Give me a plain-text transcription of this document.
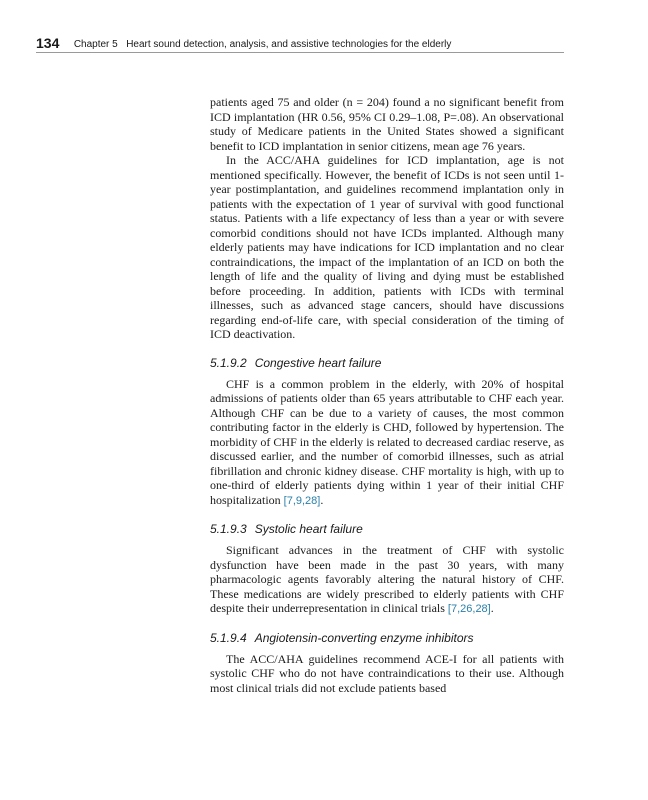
134 Chapter 5 Heart sound detection, analysis, and assistive technologies for the elderly

patients aged 75 and older (n = 204) found a no significant benefit from ICD implantation (HR 0.56, 95% CI 0.29–1.08, P=.08). An observational study of Medicare patients in the United States showed a significant benefit to ICD implantation in senior citizens, mean age 76 years.

In the ACC/AHA guidelines for ICD implantation, age is not mentioned specifically. However, the benefit of ICDs is not seen until 1-year postimplantation, and guidelines recommend implantation only in patients with the expectation of 1 year of survival with good functional status. Patients with a life expectancy of less than a year or with severe comorbid conditions should not have ICDs implanted. Although many elderly patients may have indications for ICD implantation and no clear contraindications, the impact of the implantation of an ICD on both the length of life and the quality of living and dying must be established before proceeding. In addition, patients with ICDs with terminal illnesses, such as advanced stage cancers, should have discussions regarding end-of-life care, with special consideration of the timing of ICD deactivation.

5.1.9.2 Congestive heart failure

CHF is a common problem in the elderly, with 20% of hospital admissions of patients older than 65 years attributable to CHF each year. Although CHF can be due to a variety of causes, the most common contributing factor in the elderly is CHD, followed by hypertension. The morbidity of CHF in the elderly is related to decreased cardiac reserve, as discussed earlier, and the number of comorbid illnesses, such as atrial fibrillation and chronic kidney disease. CHF mortality is high, with up to one-third of elderly patients dying within 1 year of their initial CHF hospitalization [7,9,28].

5.1.9.3 Systolic heart failure

Significant advances in the treatment of CHF with systolic dysfunction have been made in the past 30 years, with many pharmacologic agents favorably altering the natural history of CHF. These medications are widely prescribed to elderly patients with CHF despite their underrepresentation in clinical trials [7,26,28].

5.1.9.4 Angiotensin-converting enzyme inhibitors

The ACC/AHA guidelines recommend ACE-I for all patients with systolic CHF who do not have contraindications to their use. Although most clinical trials did not exclude patients based
